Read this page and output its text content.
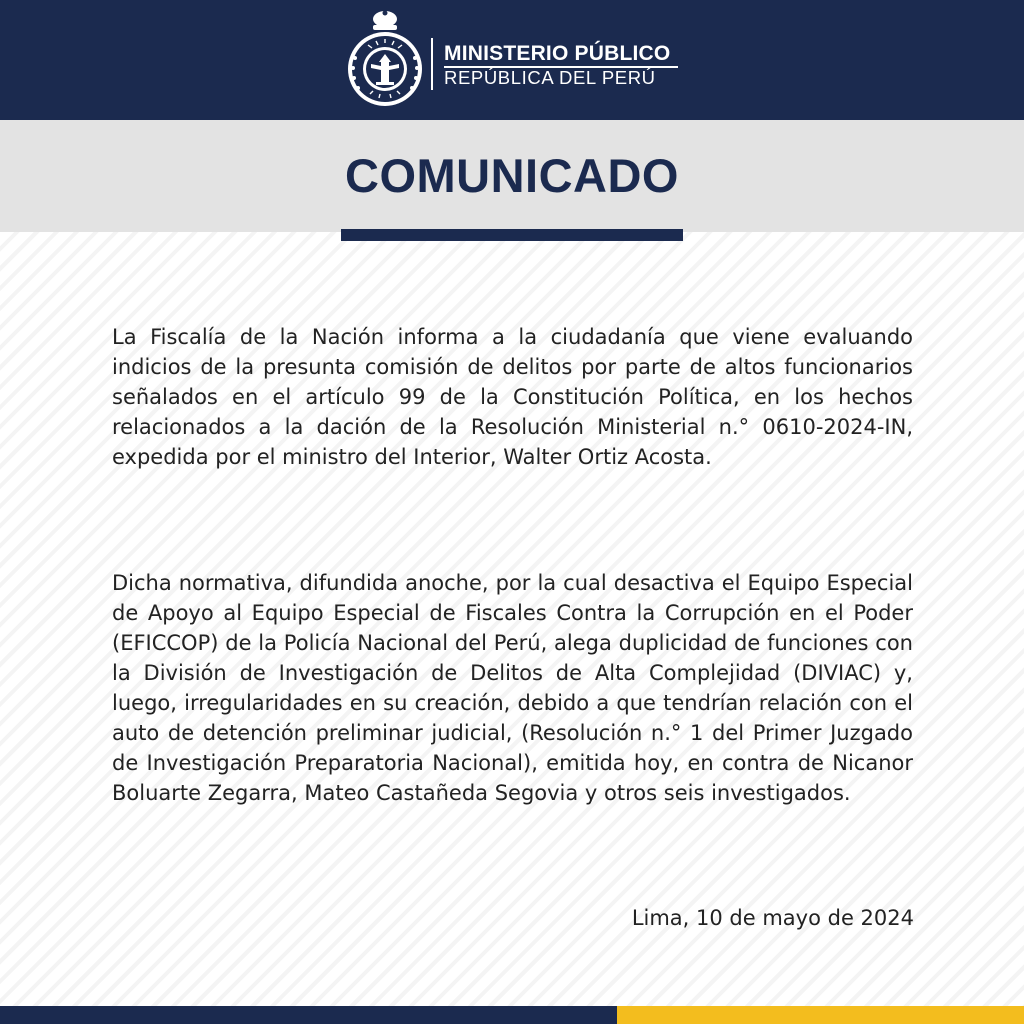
MINISTERIO PÚBLICO
REPÚBLICA DEL PERÚ
COMUNICADO

La Fiscalía de la Nación informa a la ciudadanía que viene evaluando indicios de la presunta comisión de delitos por parte de altos funcionarios señalados en el artículo 99 de la Constitución Política, en los hechos relacionados a la dación de la Resolución Ministerial n.° 0610-2024-IN, expedida por el ministro del Interior, Walter Ortiz Acosta.

Dicha normativa, difundida anoche, por la cual desactiva el Equipo Especial de Apoyo al Equipo Especial de Fiscales Contra la Corrupción en el Poder (EFICCOP) de la Policía Nacional del Perú, alega duplicidad de funciones con la División de Investigación de Delitos de Alta Complejidad (DIVIAC) y, luego, irregularidades en su creación, debido a que tendrían relación con el auto de detención preliminar judicial, (Resolución n.° 1 del Primer Juzgado de Investigación Preparatoria Nacional), emitida hoy, en contra de Nicanor Boluarte Zegarra, Mateo Castañeda Segovia y otros seis investigados.

Lima, 10 de mayo de 2024
